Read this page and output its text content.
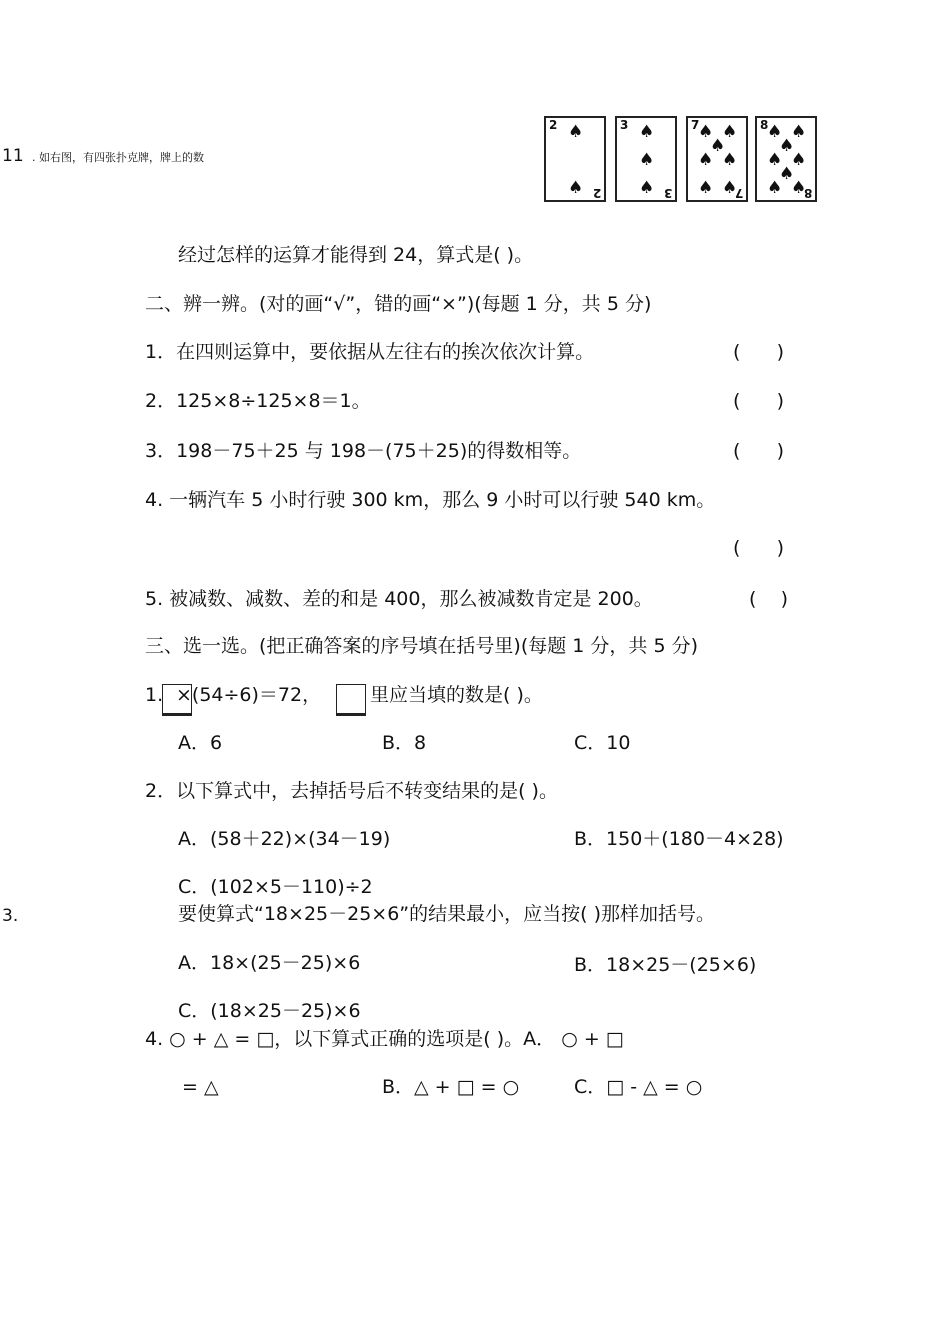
11 . 如右图，有四张扑克牌，牌上的数
2
2
♠
♠
3
3
♠
♠
♠
7
7
♠ ♠
♠
♠ ♠
♠ ♠
8
8
♠ ♠
♠
♠ ♠
♠
♠ ♠
经过怎样的运算才能得到 24，算式是( )。
二、辨一辨。(对的画“√”，错的画“×”)(每题 1 分，共 5 分)
1．在四则运算中，要依据从左往右的挨次依次计算。	(      )
2．125×8÷125×8＝1。	(      )
3．198－75＋25 与 198－(75＋25)的得数相等。	(      )
4. 一辆汽车 5 小时行驶 300 km，那么 9 小时可以行驶 540 km。
(      )
5. 被减数、减数、差的和是 400，那么被减数肯定是 200。	(    )
三、选一选。(把正确答案的序号填在括号里)(每题 1 分，共 5 分)
1. ×(54÷6)＝72，	里应当填的数是( )。
A．6	B．8	C．10
2．以下算式中，去掉括号后不转变结果的是( )。
A．(58＋22)×(34－19)	B．150＋(180－4×28)
C．(102×5－110)÷2
3.	要使算式“18×25－25×6”的结果最小，应当按( )那样加括号。
A．18×(25－25)×6	B．18×25－(25×6)
C．(18×25－25)×6
4. ○ + △ = □，以下算式正确的选项是( )。A． ○ + □
= △	B．△ + □ = ○	C．□ - △ = ○
